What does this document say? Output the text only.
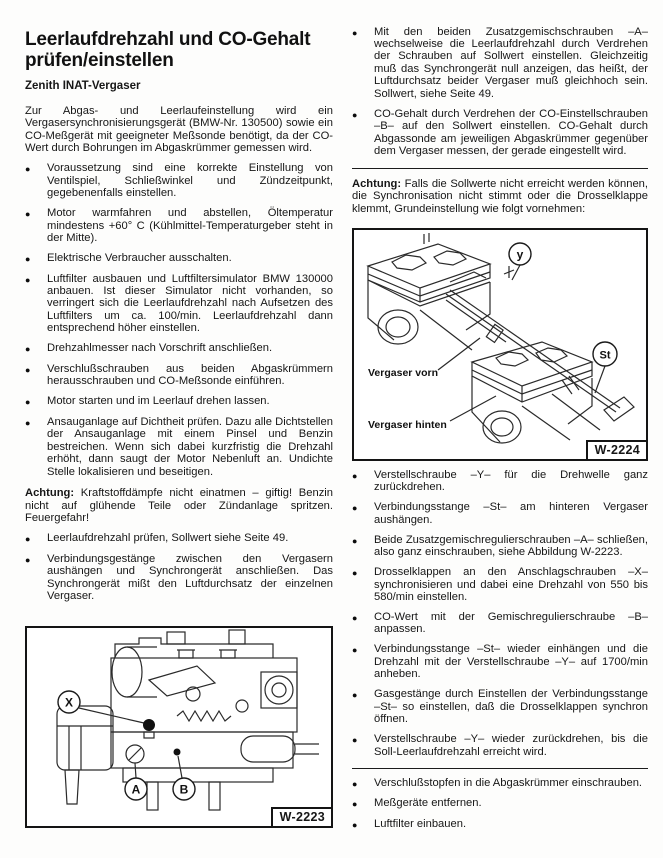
Leerlaufdrehzahl und CO-Gehalt prüfen/einstellen
Zenith INAT-Vergaser

Zur Abgas- und Leerlaufeinstellung wird ein Vergasersynchronisierungsgerät (BMW-Nr. 130500) sowie ein CO-Meßgerät mit geeigneter Meßsonde benötigt, da der CO-Wert durch Bohrungen im Abgaskrümmer gemessen wird.

●	Voraussetzung sind eine korrekte Einstellung von Ventilspiel, Schließwinkel und Zündzeitpunkt, gegebenenfalls einstellen.
●	Motor warmfahren und abstellen, Öltemperatur mindestens +60° C (Kühlmittel-Temperaturgeber steht in der Mitte).
●	Elektrische Verbraucher ausschalten.
●	Luftfilter ausbauen und Luftfiltersimulator BMW 130000 anbauen. Ist dieser Simulator nicht vorhanden, so verringert sich die Leerlaufdrehzahl nach Aufsetzen des Luftfilters um ca. 100/min. Leerlaufdrehzahl dann entsprechend höher einstellen.
●	Drehzahlmesser nach Vorschrift anschließen.
●	Verschlußschrauben aus beiden Abgaskrümmern herausschrauben und CO-Meßsonde einführen.
●	Motor starten und im Leerlauf drehen lassen.
●	Ansauganlage auf Dichtheit prüfen. Dazu alle Dichtstellen der Ansauganlage mit einem Pinsel und Benzin bestreichen. Wenn sich dabei kurzfristig die Drehzahl erhöht, dann saugt der Motor Nebenluft an. Undichte Stelle lokalisieren und beseitigen.

Achtung: Kraftstoffdämpfe nicht einatmen – giftig! Benzin nicht auf glühende Teile oder Zündanlage spritzen. Feuergefahr!

●	Leerlaufdrehzahl prüfen, Sollwert siehe Seite 49.
●	Verbindungsgestänge zwischen den Vergasern aushängen und Synchrongerät anschließen. Das Synchrongerät mißt den Luftdurchsatz der einzelnen Vergaser.
X
A	B
W-2223
●	Mit den beiden Zusatzgemischschrauben –A– wechselweise die Leerlaufdrehzahl durch Verdrehen der Schrauben auf Sollwert einstellen. Gleichzeitig muß das Synchrongerät null anzeigen, das heißt, der Luftdurchsatz beider Vergaser muß gleichhoch sein. Sollwert, siehe Seite 49.
●	CO-Gehalt durch Verdrehen der CO-Einstellschrauben –B– auf den Sollwert einstellen. CO-Gehalt durch Abgassonde am jeweiligen Abgaskrümmer gegenüber dem Vergaser messen, der gerade eingestellt wird.

Achtung: Falls die Sollwerte nicht erreicht werden können, die Synchronisation nicht stimmt oder die Drosselklappe klemmt, Grundeinstellung wie folgt vornehmen:

y
St
Vergaser vorn
Vergaser hinten
W-2224
●	Verstellschraube –Y– für die Drehwelle ganz zurückdrehen.
●	Verbindungsstange –St– am hinteren Vergaser aushängen.
●	Beide Zusatzgemischregulierschrauben –A– schließen, also ganz einschrauben, siehe Abbildung W-2223.
●	Drosselklappen an den Anschlagschrauben –X– synchronisieren und dabei eine Drehzahl von 550 bis 580/min einstellen.
●	CO-Wert mit der Gemischregulierschraube –B– anpassen.
●	Verbindungsstange –St– wieder einhängen und die Drehzahl mit der Verstellschraube –Y– auf 1700/min anheben.
●	Gasgestänge durch Einstellen der Verbindungsstange –St– so einstellen, daß die Drosselklappen synchron öffnen.
●	Verstellschraube –Y– wieder zurückdrehen, bis die Soll-Leerlaufdrehzahl erreicht wird.
●	Verschlußstopfen in die Abgaskrümmer einschrauben.
●	Meßgeräte entfernen.
●	Luftfilter einbauen.
